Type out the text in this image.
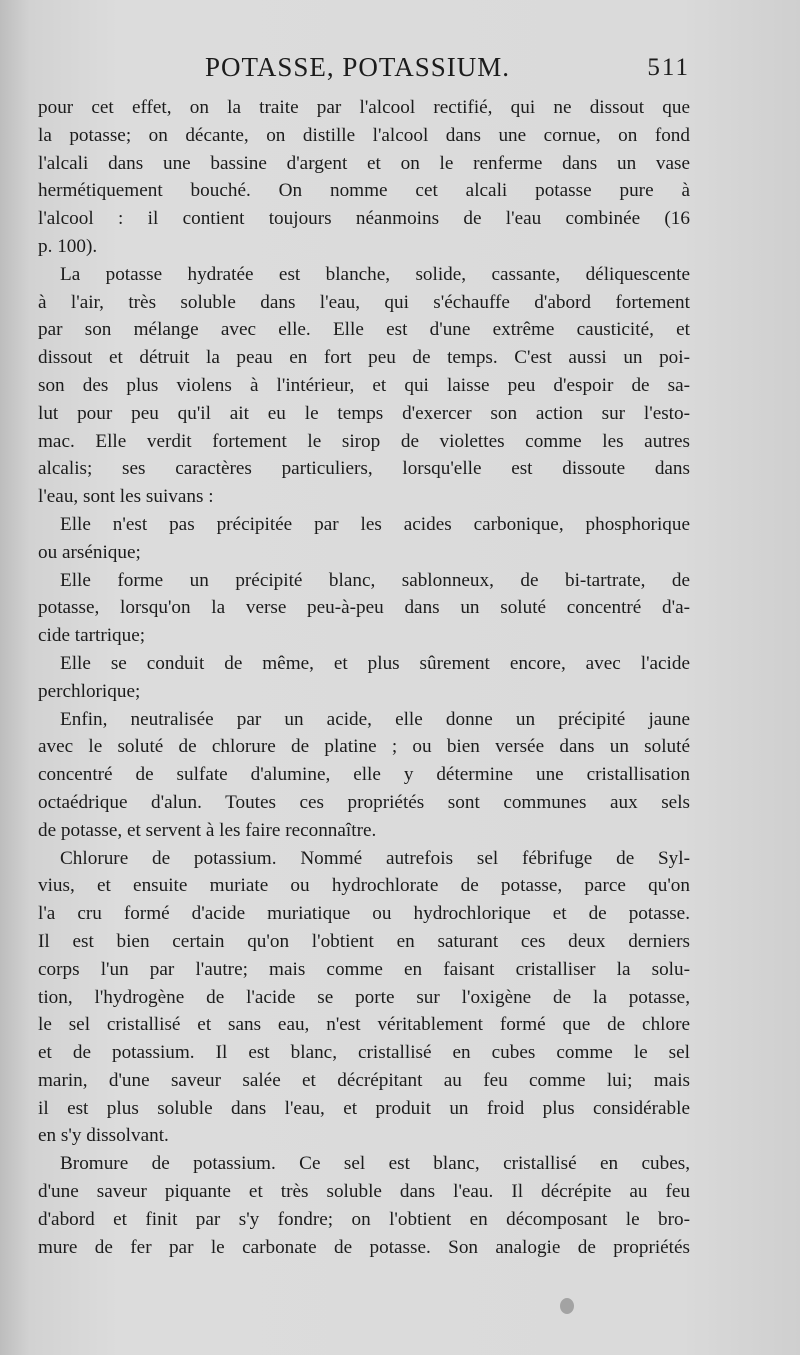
POTASSE, POTASSIUM.	511
pour cet effet, on la traite par l'alcool rectifié, qui ne dissout que
la potasse; on décante, on distille l'alcool dans une cornue, on fond
l'alcali dans une bassine d'argent et on le renferme dans un vase
hermétiquement bouché. On nomme cet alcali potasse pure à
l'alcool : il contient toujours néanmoins de l'eau combinée (16
p. 100).
La potasse hydratée est blanche, solide, cassante, déliquescente
à l'air, très soluble dans l'eau, qui s'échauffe d'abord fortement
par son mélange avec elle. Elle est d'une extrême causticité, et
dissout et détruit la peau en fort peu de temps. C'est aussi un poi-
son des plus violens à l'intérieur, et qui laisse peu d'espoir de sa-
lut pour peu qu'il ait eu le temps d'exercer son action sur l'esto-
mac. Elle verdit fortement le sirop de violettes comme les autres
alcalis; ses caractères particuliers, lorsqu'elle est dissoute dans
l'eau, sont les suivans :
Elle n'est pas précipitée par les acides carbonique, phosphorique
ou arsénique;
Elle forme un précipité blanc, sablonneux, de bi-tartrate, de
potasse, lorsqu'on la verse peu-à-peu dans un soluté concentré d'a-
cide tartrique;
Elle se conduit de même, et plus sûrement encore, avec l'acide
perchlorique;
Enfin, neutralisée par un acide, elle donne un précipité jaune
avec le soluté de chlorure de platine ; ou bien versée dans un soluté
concentré de sulfate d'alumine, elle y détermine une cristallisation
octaédrique d'alun. Toutes ces propriétés sont communes aux sels
de potasse, et servent à les faire reconnaître.
Chlorure de potassium. Nommé autrefois sel fébrifuge de Syl-
vius, et ensuite muriate ou hydrochlorate de potasse, parce qu'on
l'a cru formé d'acide muriatique ou hydrochlorique et de potasse.
Il est bien certain qu'on l'obtient en saturant ces deux derniers
corps l'un par l'autre; mais comme en faisant cristalliser la solu-
tion, l'hydrogène de l'acide se porte sur l'oxigène de la potasse,
le sel cristallisé et sans eau, n'est véritablement formé que de chlore
et de potassium. Il est blanc, cristallisé en cubes comme le sel
marin, d'une saveur salée et décrépitant au feu comme lui; mais
il est plus soluble dans l'eau, et produit un froid plus considérable
en s'y dissolvant.
Bromure de potassium. Ce sel est blanc, cristallisé en cubes,
d'une saveur piquante et très soluble dans l'eau. Il décrépite au feu
d'abord et finit par s'y fondre; on l'obtient en décomposant le bro-
mure de fer par le carbonate de potasse. Son analogie de propriétés
